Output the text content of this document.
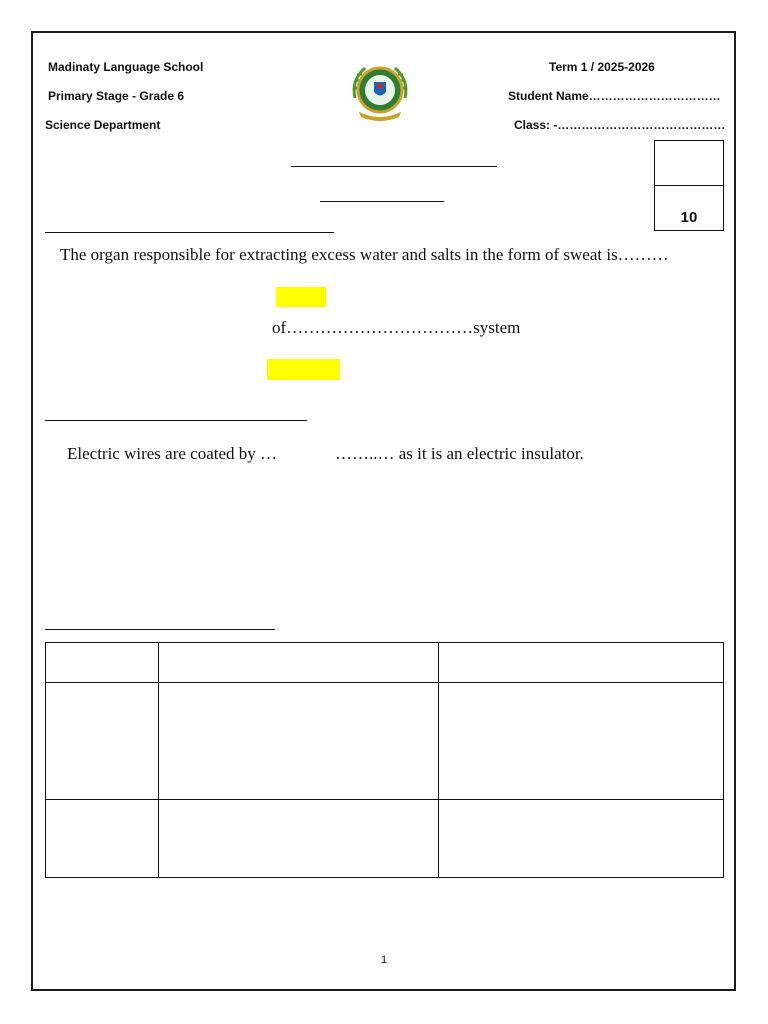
Madinaty Language School
Primary Stage - Grade 6
Science Department
Term 1 / 2025-2026
Student Name……………………………
Class: -……………………………………
10
The organ responsible for extracting excess water and salts in the form of sweat is………
of……………………………system
Electric wires are coated by …	……..… as it is an electric insulator.

1
